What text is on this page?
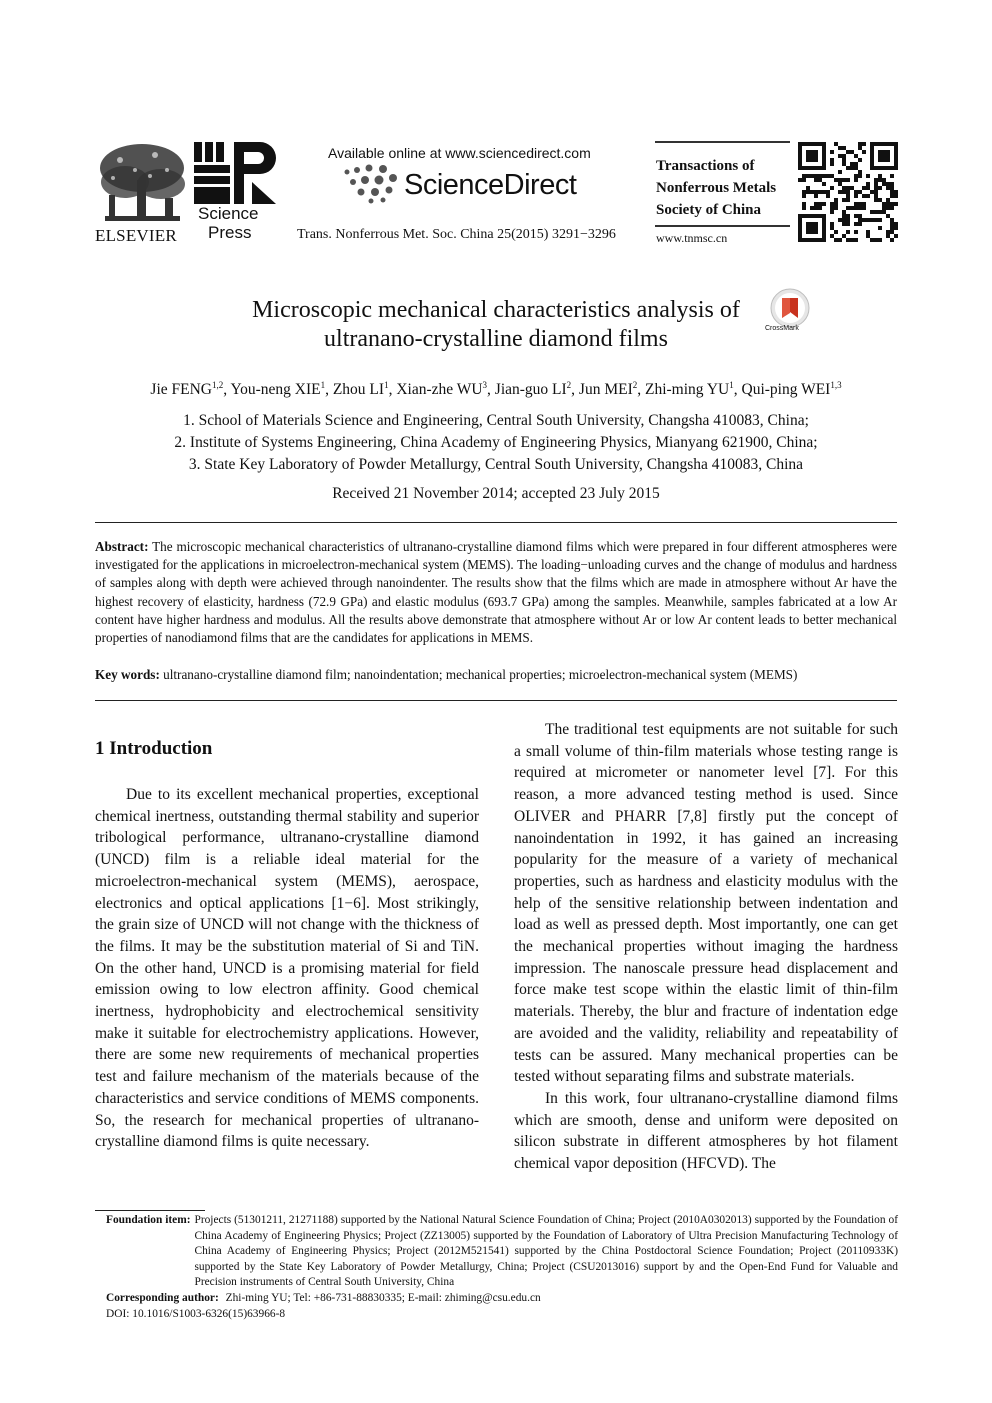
ELSEVIER
Science
Press
Available online at www.sciencedirect.com
ScienceDirect
Trans. Nonferrous Met. Soc. China 25(2015) 3291−3296
Transactions of
Nonferrous Metals
Society of China
www.tnmsc.cn
Microscopic mechanical characteristics analysis of
ultranano-crystalline diamond films	CrossMark
Jie FENG$^{1,2}$, You-neng XIE$^1$, Zhou $LI^1$, Xian-zhe $WU^3$, Jian-guo $LI^2$, Jun MEI$^2$, Zhi-ming $YU^1$, Qui-ping WEI$^{1,3}$
1. School of Materials Science and Engineering, Central South University, Changsha 410083, China;
2. Institute of Systems Engineering, China Academy of Engineering Physics, Mianyang 621900, China;
3. State Key Laboratory of Powder Metallurgy, Central South University, Changsha 410083, China
Received 21 November 2014; accepted 23 July 2015
Abstract: The microscopic mechanical characteristics of ultranano-crystalline diamond films which were prepared in four different atmospheres were investigated for the applications in microelectron-mechanical system (MEMS). The loading−unloading curves and the change of modulus and hardness of samples along with depth were achieved through nanoindenter. The results show that the films which are made in atmosphere without Ar have the highest recovery of elasticity, hardness (72.9 GPa) and elastic modulus (693.7 GPa) among the samples. Meanwhile, samples fabricated at a low Ar content have higher hardness and modulus. All the results above demonstrate that atmosphere without Ar or low Ar content leads to better mechanical properties of nanodiamond films that are the candidates for applications in MEMS.
Key words: ultranano-crystalline diamond film; nanoindentation; mechanical properties; microelectron-mechanical system (MEMS)
1 Introduction

Due to its excellent mechanical properties, exceptional chemical inertness, outstanding thermal stability and superior tribological performance, ultranano-crystalline diamond (UNCD) film is a reliable ideal material for the microelectron-mechanical system (MEMS), aerospace, electronics and optical applications [1−6]. Most strikingly, the grain size of UNCD will not change with the thickness of the films. It may be the substitution material of Si and TiN. On the other hand, UNCD is a promising material for field emission owing to low electron affinity. Good chemical inertness, hydrophobicity and electrochemical sensitivity make it suitable for electrochemistry applications. However, there are some new requirements of mechanical properties test and failure mechanism of the materials because of the characteristics and service conditions of MEMS components. So, the research for mechanical properties of ultranano-crystalline diamond films is quite necessary.

The traditional test equipments are not suitable for such a small volume of thin-film materials whose testing range is required at micrometer or nanometer level [7]. For this reason, a more advanced testing method is used. Since OLIVER and PHARR [7,8] firstly put the concept of nanoindentation in 1992, it has gained an increasing popularity for the measure of a variety of mechanical properties, such as hardness and elasticity modulus with the help of the sensitive relationship between indentation and load as well as pressed depth. Most importantly, one can get the mechanical properties without imaging the hardness impression. The nanoscale pressure head displacement and force make test scope within the elastic limit of thin-film materials. Thereby, the blur and fracture of indentation edge are avoided and the validity, reliability and repeatability of tests can be assured. Many mechanical properties can be tested without separating films and substrate materials.

In this work, four ultranano-crystalline diamond films which are smooth, dense and uniform were deposited on silicon substrate in different atmospheres by hot filament chemical vapor deposition (HFCVD). The

Foundation item: Projects (51301211, 21271188) supported by the National Natural Science Foundation of China; Project (2010A0302013) supported by the Foundation of China Academy of Engineering Physics; Project (ZZ13005) supported by the Foundation of Laboratory of Ultra Precision Manufacturing Technology of China Academy of Engineering Physics; Project (2012M521541) supported by the China Postdoctoral Science Foundation; Project (20110933K) supported by the State Key Laboratory of Powder Metallurgy, China; Project (CSU2013016) support by and the Open-End Fund for Valuable and Precision instruments of Central South University, China
Corresponding author: Zhi-ming YU; Tel: +86-731-88830335; E-mail: zhiming@csu.edu.cn
DOI: 10.1016/S1003-6326(15)63966-8
